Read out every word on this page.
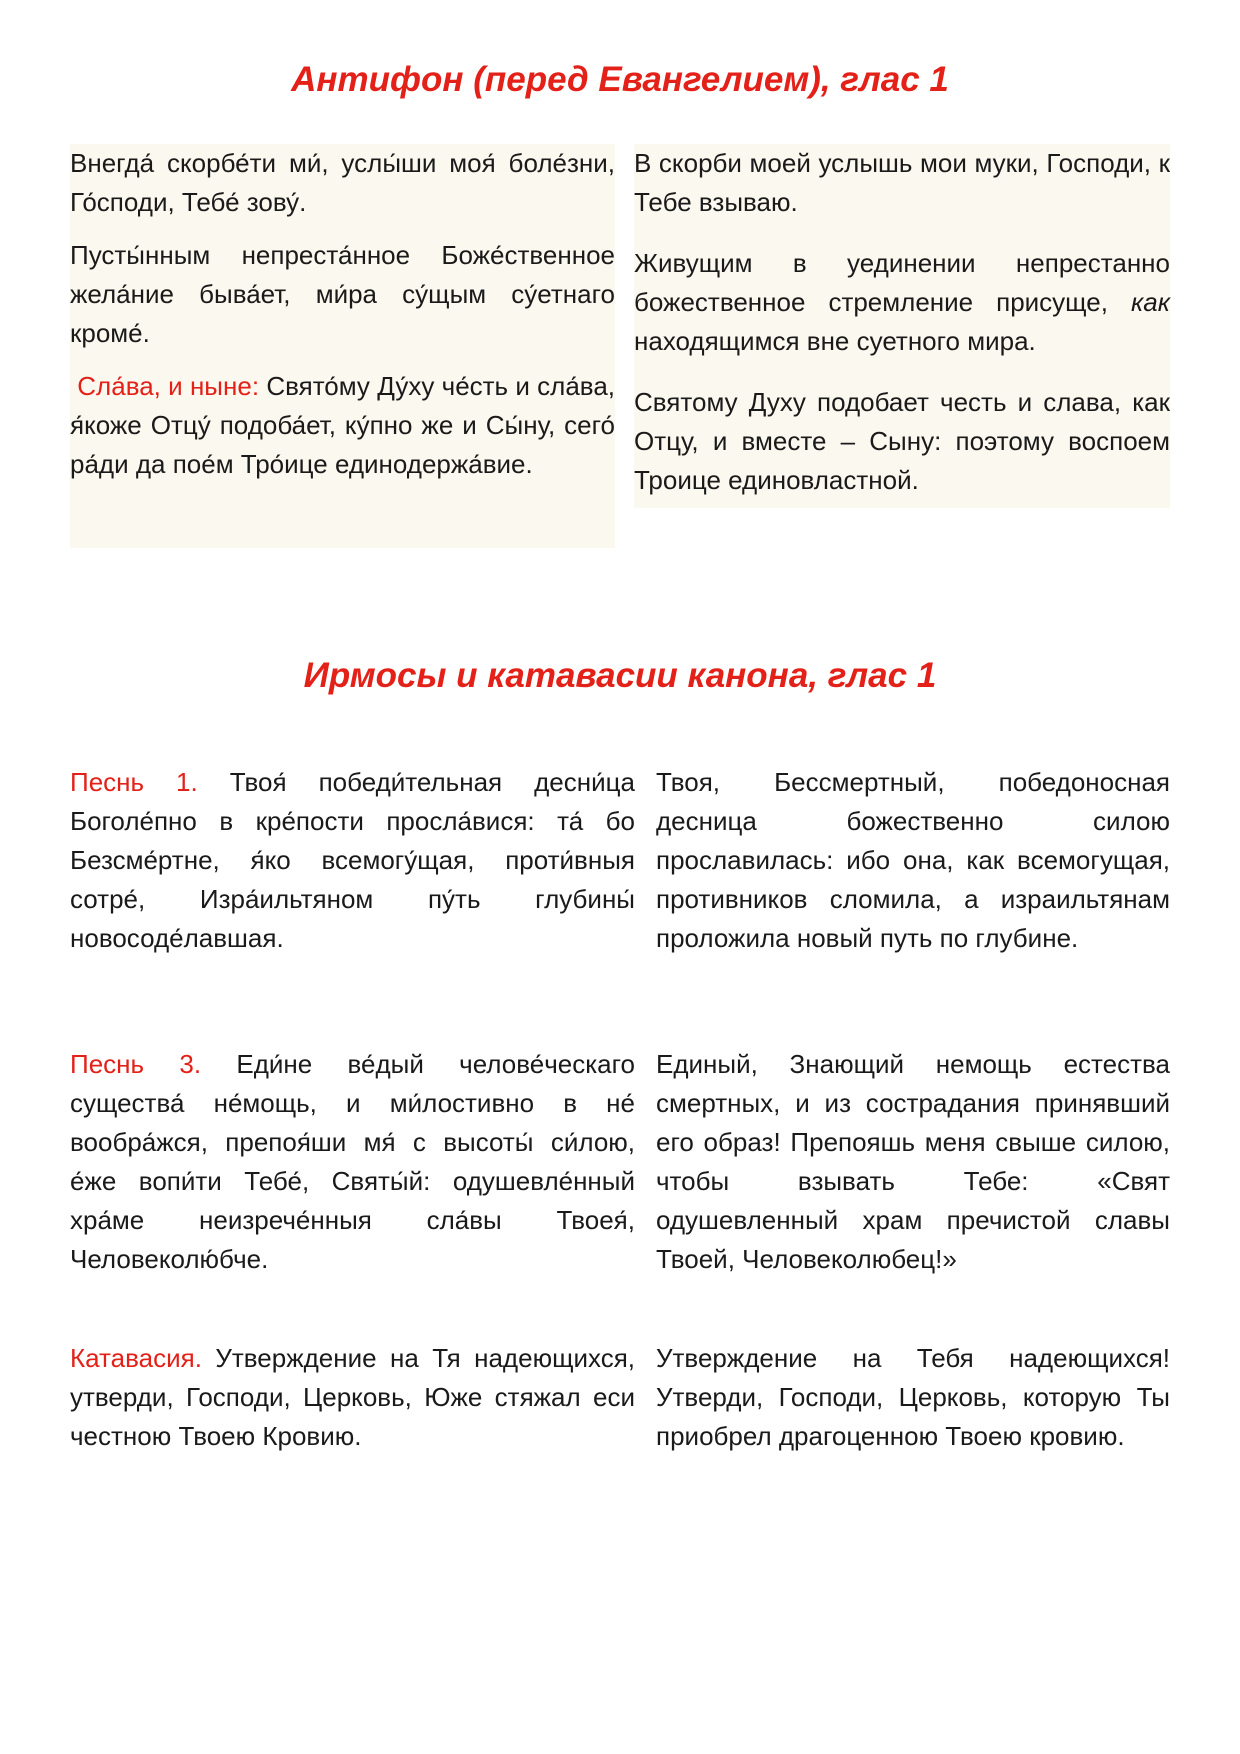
Антифон (перед Евангелием), глас 1

Внегда́ скорбе́ти ми́, услы́ши моя́ боле́зни, Го́споди, Тебе́ зову́.

Пусты́нным непреста́нное Боже́ственное жела́ние быва́ет, ми́ра су́щым су́етнаго кроме́.

Сла́ва, и ныне: Свято́му Ду́ху че́сть и сла́ва, я́коже Отцу́ подоба́ет, ку́пно же и Сы́ну, сего́ ра́ди да пое́м Тро́ице единодержа́вие.

В скорби моей услышь мои муки, Господи, к Тебе взываю.

Живущим в уединении непрестанно божественное стремление присуще, как находящимся вне суетного мира.

Святому Духу подобает честь и слава, как Отцу, и вместе – Сыну: поэтому воспоем Троице единовластной.

Ирмосы и катавасии канона, глас 1

Песнь 1. Твоя́ победи́тельная десни́ца Боголе́пно в кре́пости просла́вися: та́ бо Безсме́ртне, я́ко всемогу́щая, проти́вныя сотре́, Изра́ильтяном пу́ть глубины́ новосоде́лавшая.

Твоя, Бессмертный, победоносная десница божественно силою прославилась: ибо она, как всемогущая, противников сломила, а израильтянам проложила новый путь по глубине.

Песнь 3. Еди́не ве́дый челове́ческаго существа́ не́мощь, и ми́лостивно в не́ вообра́жся, препоя́ши мя́ с высоты́ си́лою, е́же вопи́ти Тебе́, Святы́й: одушевле́нный хра́ме неизрече́нныя сла́вы Твоея́, Человеколю́бче.

Единый, Знающий немощь естества смертных, и из сострадания принявший его образ! Препояшь меня свыше силою, чтобы взывать Тебе: «Свят одушевленный храм пречистой славы Твоей, Человеколюбец!»

Катавасия. Утверждение на Тя надеющихся, утверди, Господи, Церковь, Юже стяжал еси честною Твоею Кровию.

Утверждение на Тебя надеющихся! Утверди, Господи, Церковь, которую Ты приобрел драгоценною Твоею кровию.
